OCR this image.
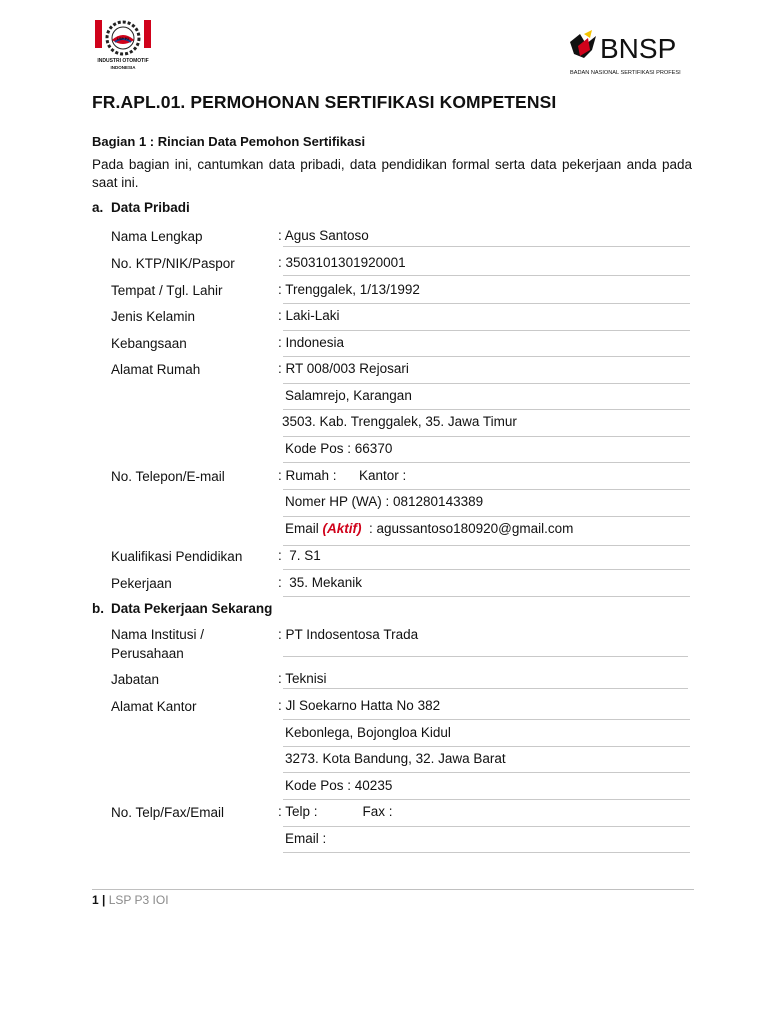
INDUSTRI OTOMOTIF
INDONESIA
LSP P3	BNSP
BADAN NASIONAL SERTIFIKASI PROFESI
FR.APL.01. PERMOHONAN SERTIFIKASI KOMPETENSI
Bagian 1 : Rincian Data Pemohon Sertifikasi
Pada bagian ini, cantumkan data pribadi, data pendidikan formal serta data pekerjaan anda pada saat ini.
a. Data Pribadi
Nama Lengkap	: Agus Santoso
No. KTP/NIK/Paspor	: 3503101301920001
Tempat / Tgl. Lahir	: Trenggalek, 1/13/1992
Jenis Kelamin	: Laki-Laki
Kebangsaan	: Indonesia
Alamat Rumah	: RT 008/003 Rejosari
Salamrejo, Karangan
3503. Kab. Trenggalek, 35. Jawa Timur
Kode Pos : 66370
No. Telepon/E-mail	: Rumah :      Kantor :
Nomer HP (WA) : 081280143389
Email (Aktif)  : agussantoso180920@gmail.com
Kualifikasi Pendidikan	:  7. S1
Pekerjaan	:  35. Mekanik
b. Data Pekerjaan Sekarang
Nama Institusi /
Perusahaan
: PT Indosentosa Trada
Jabatan	: Teknisi
Alamat Kantor	: Jl Soekarno Hatta No 382
Kebonlega, Bojongloa Kidul
3273. Kota Bandung, 32. Jawa Barat
Kode Pos : 40235
No. Telp/Fax/Email	: Telp :            Fax :
Email :
1 | LSP P3 IOI
